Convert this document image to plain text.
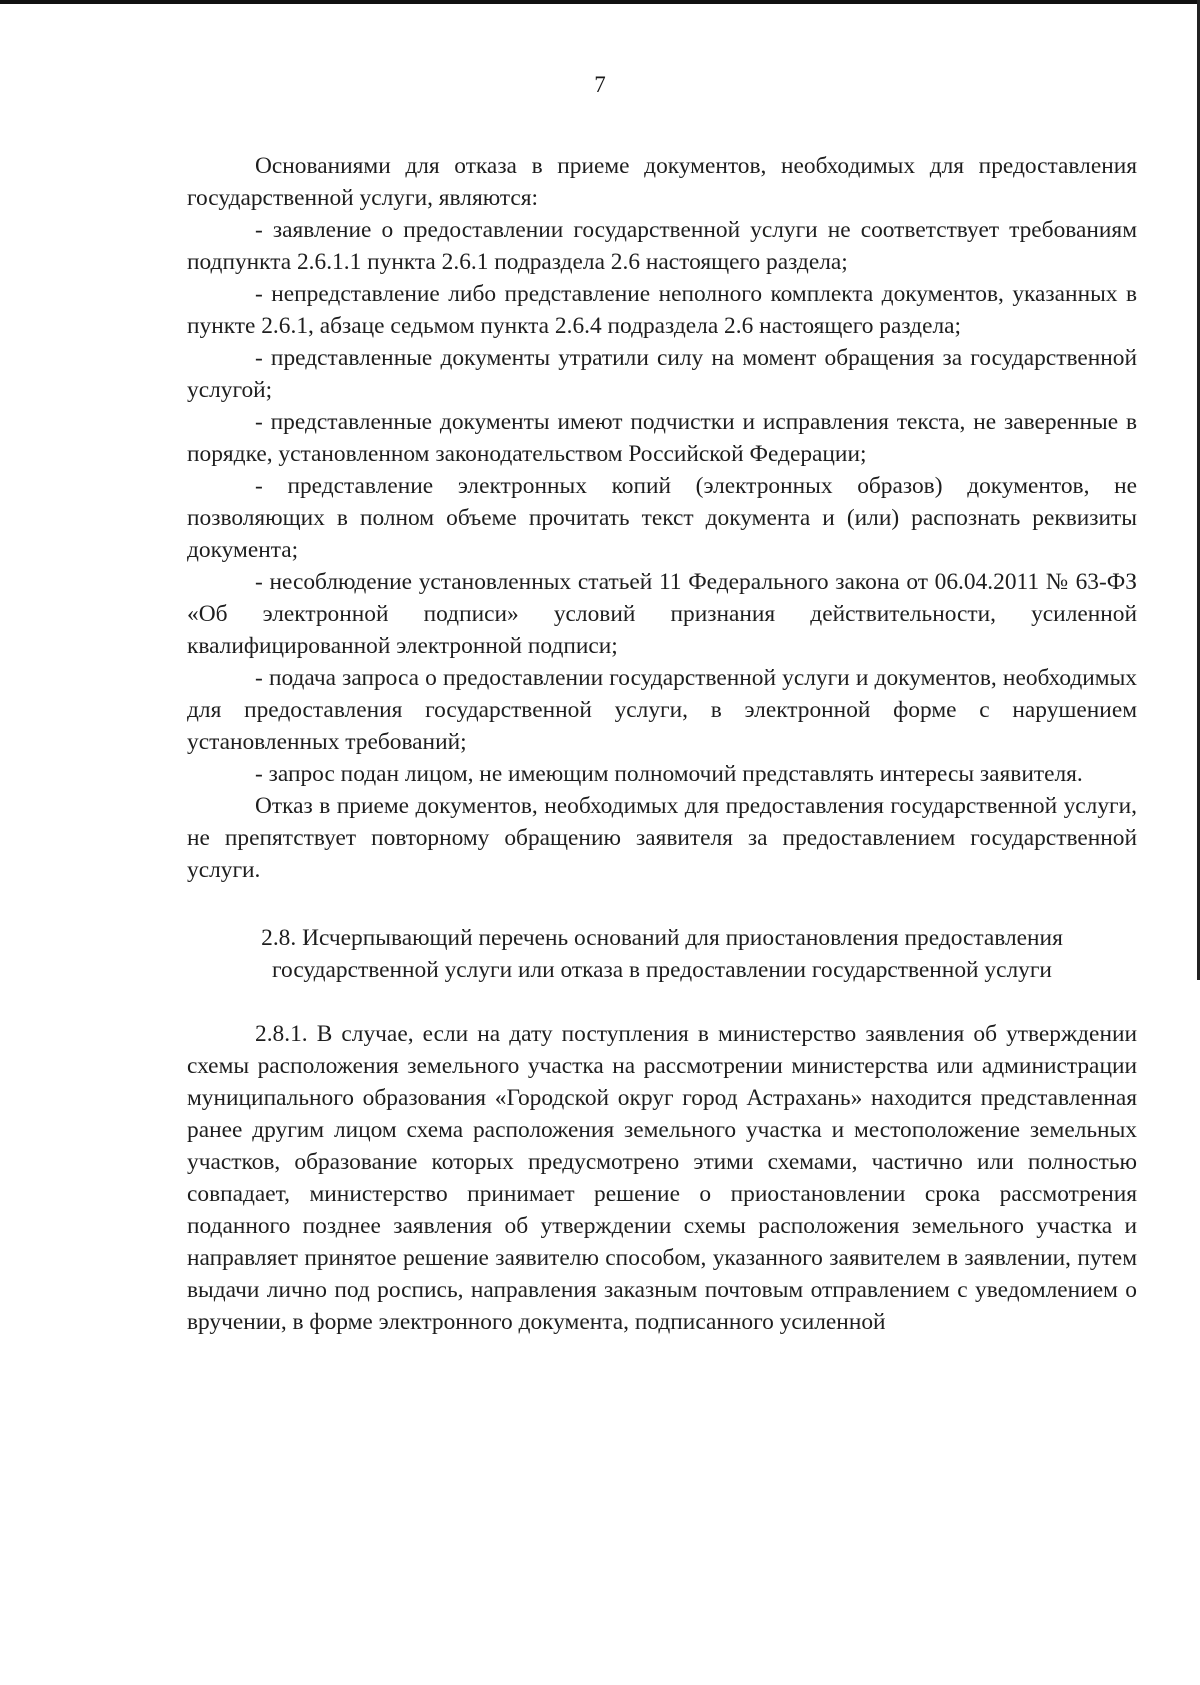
7

Основаниями для отказа в приеме документов, необходимых для предоставления государственной услуги, являются:

- заявление о предоставлении государственной услуги не соответствует требованиям подпункта 2.6.1.1 пункта 2.6.1 подраздела 2.6 настоящего раздела;

- непредставление либо представление неполного комплекта документов, указанных в пункте 2.6.1, абзаце седьмом пункта 2.6.4 подраздела 2.6 настоящего раздела;

- представленные документы утратили силу на момент обращения за государственной услугой;

- представленные документы имеют подчистки и исправления текста, не заверенные в порядке, установленном законодательством Российской Федерации;

- представление электронных копий (электронных образов) документов, не позволяющих в полном объеме прочитать текст документа и (или) распознать реквизиты документа;

- несоблюдение установленных статьей 11 Федерального закона от 06.04.2011 № 63-ФЗ «Об электронной подписи» условий признания действительности, усиленной квалифицированной электронной подписи;

- подача запроса о предоставлении государственной услуги и документов, необходимых для предоставления государственной услуги, в электронной форме с нарушением установленных требований;

- запрос подан лицом, не имеющим полномочий представлять интересы заявителя.

Отказ в приеме документов, необходимых для предоставления государственной услуги, не препятствует повторному обращению заявителя за предоставлением государственной услуги.

2.8. Исчерпывающий перечень оснований для приостановления предоставления государственной услуги или отказа в предоставлении государственной услуги

2.8.1. В случае, если на дату поступления в министерство заявления об утверждении схемы расположения земельного участка на рассмотрении министерства или администрации муниципального образования «Городской округ город Астрахань» находится представленная ранее другим лицом схема расположения земельного участка и местоположение земельных участков, образование которых предусмотрено этими схемами, частично или полностью совпадает, министерство принимает решение о приостановлении срока рассмотрения поданного позднее заявления об утверждении схемы расположения земельного участка и направляет принятое решение заявителю способом, указанного заявителем в заявлении, путем выдачи лично под роспись, направления заказным почтовым отправлением с уведомлением о вручении, в форме электронного документа, подписанного усиленной
